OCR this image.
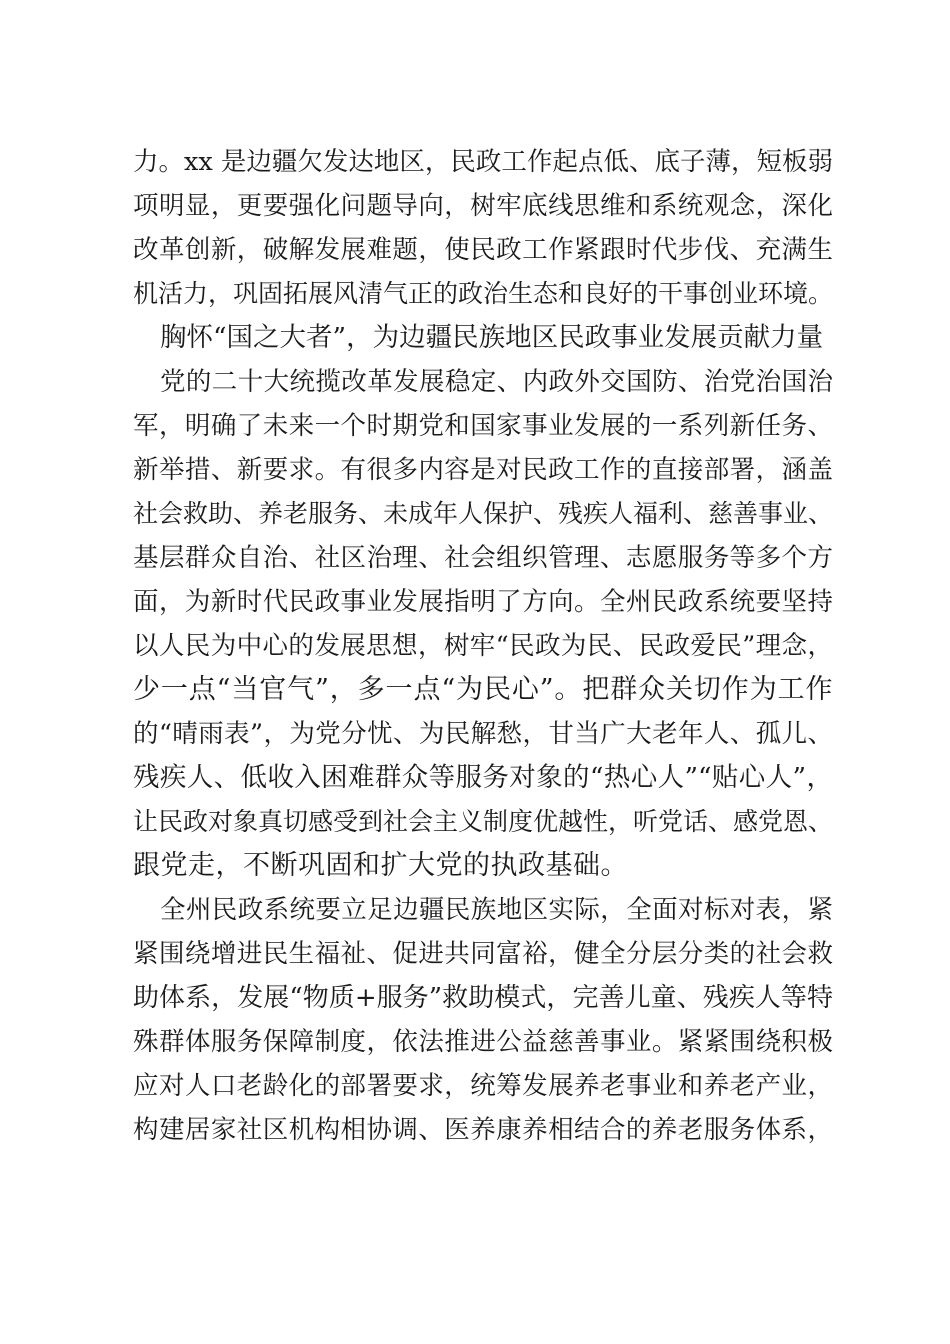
力。xx 是边疆欠发达地区，民政工作起点低、底子薄，短板弱
项明显，更要强化问题导向，树牢底线思维和系统观念，深化
改革创新，破解发展难题，使民政工作紧跟时代步伐、充满生
机活力，巩固拓展风清气正的政治生态和良好的干事创业环境。
胸怀“国之大者”，为边疆民族地区民政事业发展贡献力量
党的二十大统揽改革发展稳定、内政外交国防、治党治国治
军，明确了未来一个时期党和国家事业发展的一系列新任务、
新举措、新要求。有很多内容是对民政工作的直接部署，涵盖
社会救助、养老服务、未成年人保护、残疾人福利、慈善事业、
基层群众自治、社区治理、社会组织管理、志愿服务等多个方
面，为新时代民政事业发展指明了方向。全州民政系统要坚持
以人民为中心的发展思想，树牢“民政为民、民政爱民”理念，
少一点“当官气”，多一点“为民心”。把群众关切作为工作
的“晴雨表”，为党分忧、为民解愁，甘当广大老年人、孤儿、
残疾人、低收入困难群众等服务对象的“热心人”“贴心人”，
让民政对象真切感受到社会主义制度优越性，听党话、感党恩、
跟党走，不断巩固和扩大党的执政基础。
全州民政系统要立足边疆民族地区实际，全面对标对表，紧
紧围绕增进民生福祉、促进共同富裕，健全分层分类的社会救
助体系，发展“物质+服务”救助模式，完善儿童、残疾人等特
殊群体服务保障制度，依法推进公益慈善事业。紧紧围绕积极
应对人口老龄化的部署要求，统筹发展养老事业和养老产业，
构建居家社区机构相协调、医养康养相结合的养老服务体系，
